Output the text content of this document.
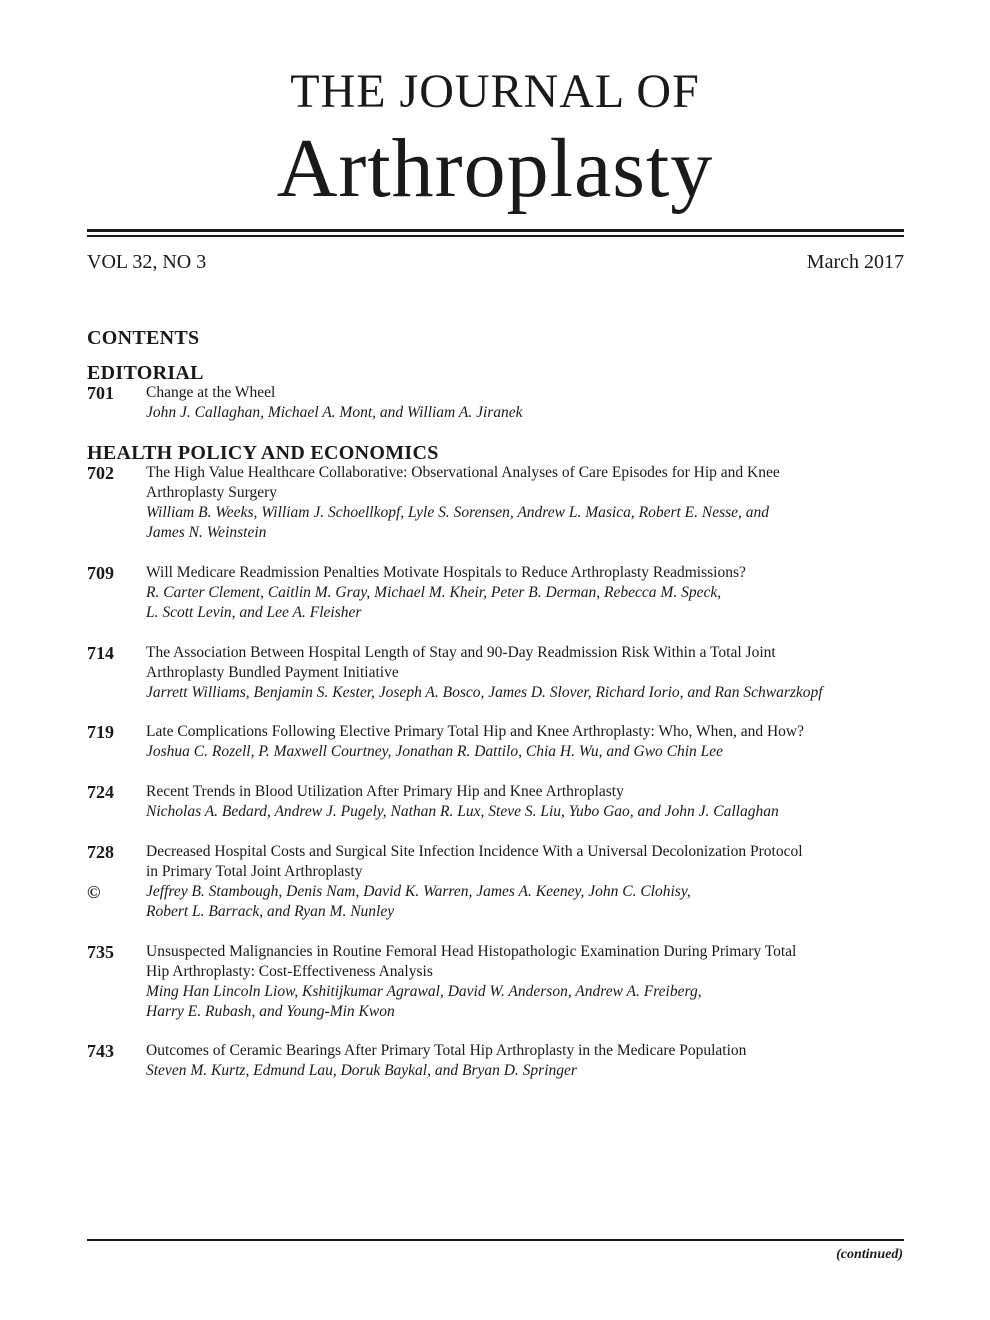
THE JOURNAL OF
Arthroplasty
VOL 32, NO 3	March 2017
CONTENTS
EDITORIAL
701 Change at the Wheel
John J. Callaghan, Michael A. Mont, and William A. Jiranek
HEALTH POLICY AND ECONOMICS
702 The High Value Healthcare Collaborative: Observational Analyses of Care Episodes for Hip and Knee
Arthroplasty Surgery
William B. Weeks, William J. Schoellkopf, Lyle S. Sorensen, Andrew L. Masica, Robert E. Nesse, and
James N. Weinstein
709 Will Medicare Readmission Penalties Motivate Hospitals to Reduce Arthroplasty Readmissions?
R. Carter Clement, Caitlin M. Gray, Michael M. Kheir, Peter B. Derman, Rebecca M. Speck,
L. Scott Levin, and Lee A. Fleisher
714 The Association Between Hospital Length of Stay and 90-Day Readmission Risk Within a Total Joint
Arthroplasty Bundled Payment Initiative
Jarrett Williams, Benjamin S. Kester, Joseph A. Bosco, James D. Slover, Richard Iorio, and Ran Schwarzkopf
719 Late Complications Following Elective Primary Total Hip and Knee Arthroplasty: Who, When, and How?
Joshua C. Rozell, P. Maxwell Courtney, Jonathan R. Dattilo, Chia H. Wu, and Gwo Chin Lee
724 Recent Trends in Blood Utilization After Primary Hip and Knee Arthroplasty
Nicholas A. Bedard, Andrew J. Pugely, Nathan R. Lux, Steve S. Liu, Yubo Gao, and John J. Callaghan
728
©
Decreased Hospital Costs and Surgical Site Infection Incidence With a Universal Decolonization Protocol
in Primary Total Joint Arthroplasty
Jeffrey B. Stambough, Denis Nam, David K. Warren, James A. Keeney, John C. Clohisy,
Robert L. Barrack, and Ryan M. Nunley
735 Unsuspected Malignancies in Routine Femoral Head Histopathologic Examination During Primary Total
Hip Arthroplasty: Cost-Effectiveness Analysis
Ming Han Lincoln Liow, Kshitijkumar Agrawal, David W. Anderson, Andrew A. Freiberg,
Harry E. Rubash, and Young-Min Kwon
743 Outcomes of Ceramic Bearings After Primary Total Hip Arthroplasty in the Medicare Population
Steven M. Kurtz, Edmund Lau, Doruk Baykal, and Bryan D. Springer
(continued)
